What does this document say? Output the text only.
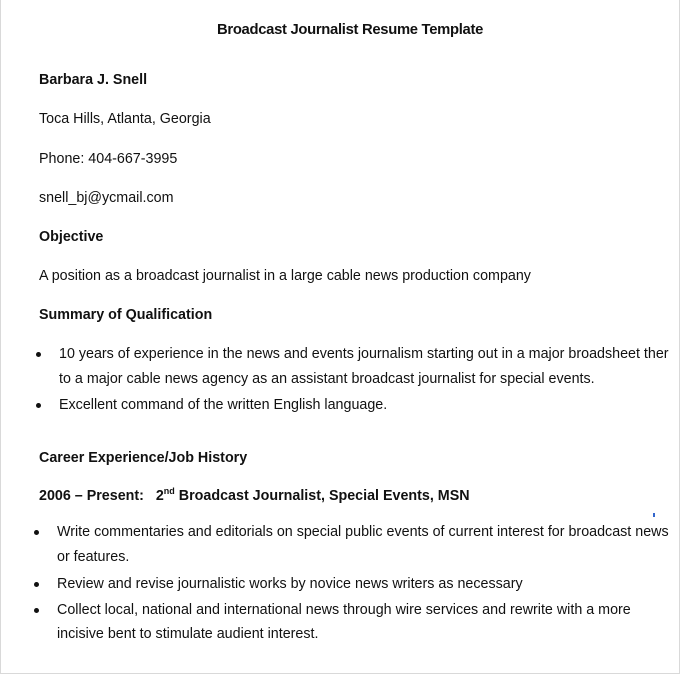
Broadcast Journalist Resume Template
Barbara J. Snell
Toca Hills, Atlanta, Georgia
Phone: 404-667-3995
snell_bj@ycmail.com
Objective
A position as a broadcast journalist in a large cable news production company
Summary of Qualification
10 years of experience in the news and events journalism starting out in a major broadsheet ther
to a major cable news agency as an assistant broadcast journalist for special events.
Excellent command of the written English language.
Career Experience/Job History
2006 – Present: 2nd Broadcast Journalist, Special Events, MSN
Write commentaries and editorials on special public events of current interest for broadcast news
or features.
Review and revise journalistic works by novice news writers as necessary
Collect local, national and international news through wire services and rewrite with a more
incisive bent to stimulate audient interest.
